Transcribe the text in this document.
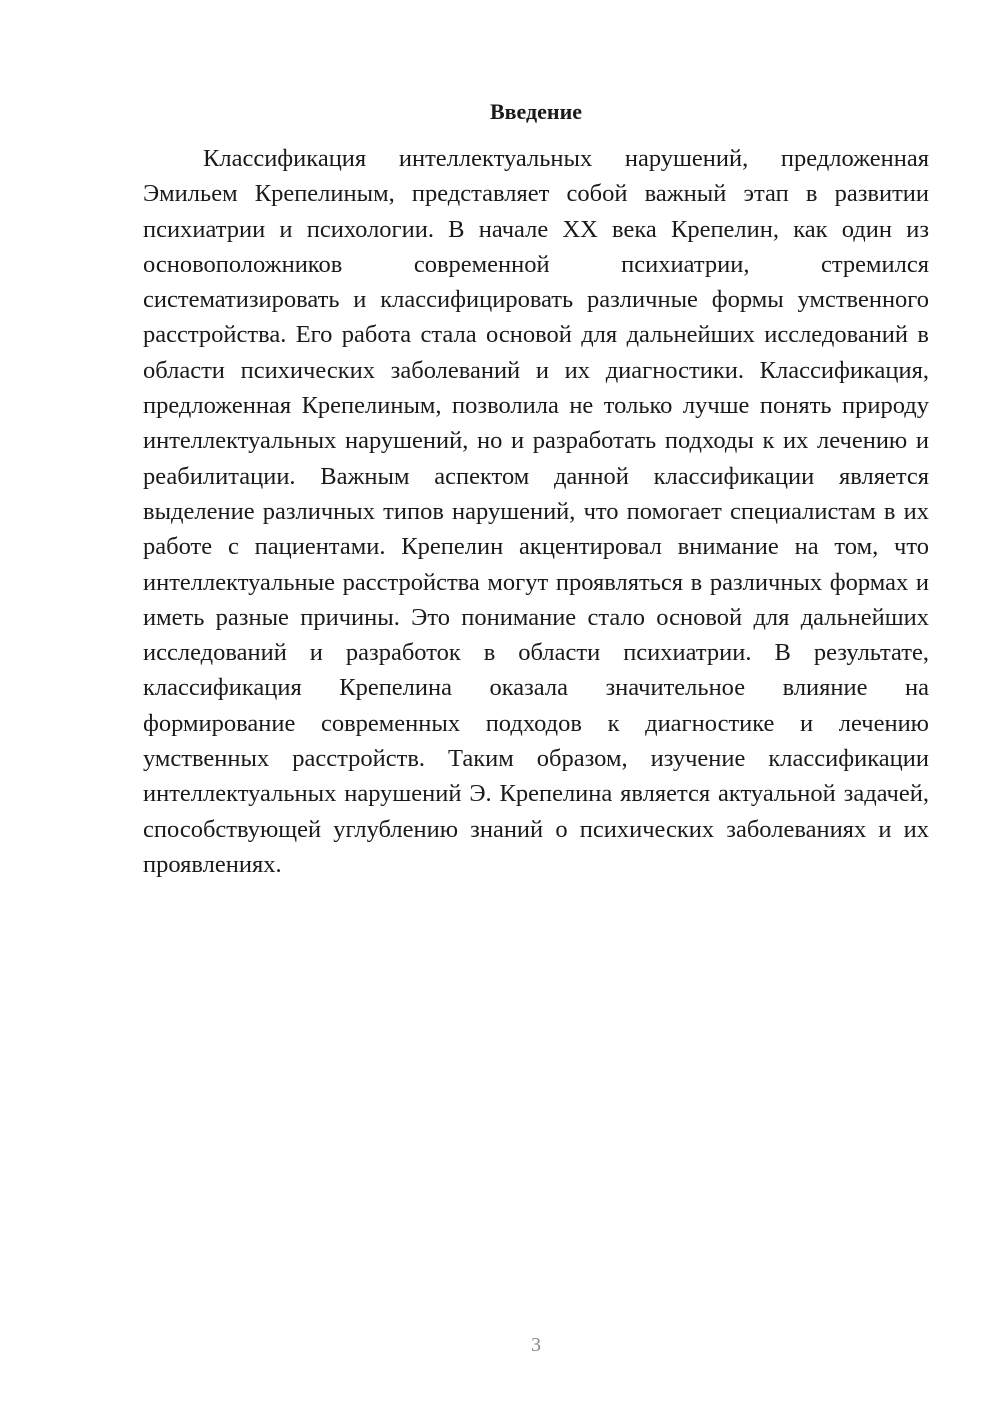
Введение

Классификация интеллектуальных нарушений, предложенная Эмильем Крепелиным, представляет собой важный этап в развитии психиатрии и психологии. В начале XX века Крепелин, как один из основоположников современной психиатрии, стремился систематизировать и классифицировать различные формы умственного расстройства. Его работа стала основой для дальнейших исследований в области психических заболеваний и их диагностики. Классификация, предложенная Крепелиным, позволила не только лучше понять природу интеллектуальных нарушений, но и разработать подходы к их лечению и реабилитации. Важным аспектом данной классификации является выделение различных типов нарушений, что помогает специалистам в их работе с пациентами. Крепелин акцентировал внимание на том, что интеллектуальные расстройства могут проявляться в различных формах и иметь разные причины. Это понимание стало основой для дальнейших исследований и разработок в области психиатрии. В результате, классификация Крепелина оказала значительное влияние на формирование современных подходов к диагностике и лечению умственных расстройств. Таким образом, изучение классификации интеллектуальных нарушений Э. Крепелина является актуальной задачей, способствующей углублению знаний о психических заболеваниях и их проявлениях.

3
